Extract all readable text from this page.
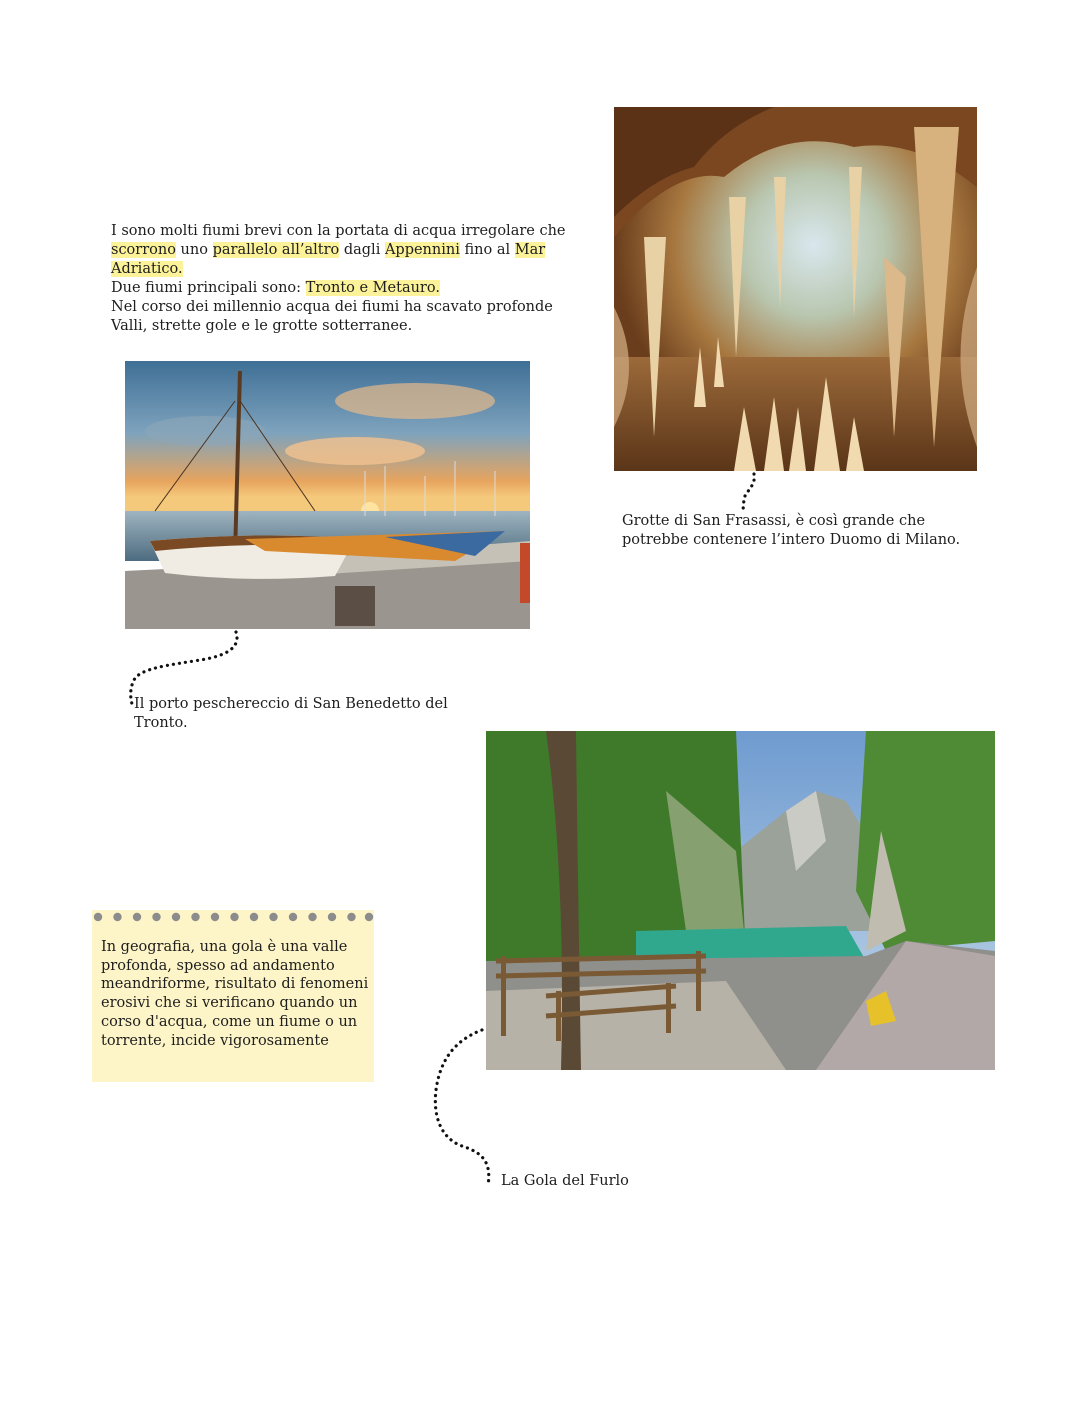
I sono molti fiumi brevi con la portata di acqua irregolare che
scorrono uno parallelo all’altro dagli Appennini fino al Mar
Adriatico.
Due fiumi principali sono: Tronto e Metauro.
Nel corso dei millennio acqua dei fiumi ha scavato profonde
Valli, strette gole e le grotte sotterranee.
Grotte di San Frasassi, è così grande che
potrebbe contenere l’intero Duomo di Milano.
Il porto peschereccio di San Benedetto del
Tronto.
La Gola del Furlo

In geografia, una gola è una valle profonda, spesso ad andamento meandriforme, risultato di fenomeni erosivi che si verificano quando un corso d'acqua, come un fiume o un torrente, incide vigorosamente
